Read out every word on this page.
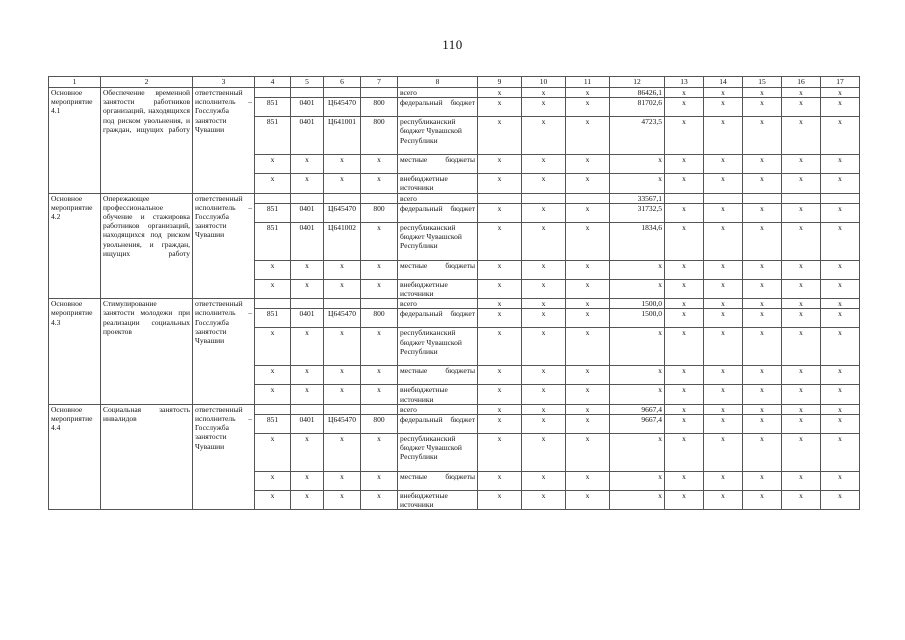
110
1	2	3	4	5	6	7	8	9	10	11	12	13	14	15	16	17
Основное мероприятие 4.1	Обеспечение временной занятости работников организаций, находящихся под риском увольнения, и граждан, ищущих работу	ответственный исполнитель – Госслужба занятости Чувашии					всего	x	x	x	86426,1	x	x	x	x	x
			851	0401	Ц645470	800	федеральный бюджет	x	x	x	81702,6	x	x	x	x	x
			851	0401	Ц641001	800	республиканский бюджет Чувашской Республики	x	x	x	4723,5	x	x	x	x	x
			x	x	x	x	местные бюджеты	x	x	x	x	x	x	x	x	x
			x	x	x	x	внебюджетные источники	x	x	x	x	x	x	x	x	x
Основное мероприятие 4.2	Опережающее профессиональное обучение и стажировка работников организаций, находящихся под риском увольнения, и граждан, ищущих работу	ответственный исполнитель – Госслужба занятости Чувашии					всего				33567,1					
			851	0401	Ц645470	800	федеральный бюджет	x	x	x	31732,5	x	x	x	x	x
			851	0401	Ц641002	x	республиканский бюджет Чувашской Республики	x	x	x	1834,6	x	x	x	x	x
			x	x	x	x	местные бюджеты	x	x	x	x	x	x	x	x	x
			x	x	x	x	внебюджетные источники	x	x	x	x	x	x	x	x	x
Основное мероприятие 4.3	Стимулирование занятости молодежи при реализации социальных проектов	ответственный исполнитель – Госслужба занятости Чувашии					всего	x	x	x	1500,0	x	x	x	x	x
			851	0401	Ц645470	800	федеральный бюджет	x	x	x	1500,0	x	x	x	x	x
			x	x	x	x	республиканский бюджет Чувашской Республики	x	x	x	x	x	x	x	x	x
			x	x	x	x	местные бюджеты	x	x	x	x	x	x	x	x	x
			x	x	x	x	внебюджетные источники	x	x	x	x	x	x	x	x	x
Основное мероприятие 4.4	Социальная занятость инвалидов	ответственный исполнитель – Госслужба занятости Чувашии					всего	x	x	x	9667,4	x	x	x	x	x
			851	0401	Ц645470	800	федеральный бюджет	x	x	x	9667,4	x	x	x	x	x
			x	x	x	x	республиканский бюджет Чувашской Республики	x	x	x	x	x	x	x	x	x
			x	x	x	x	местные бюджеты	x	x	x	x	x	x	x	x	x
			x	x	x	x	внебюджетные источники	x	x	x	x	x	x	x	x	x
